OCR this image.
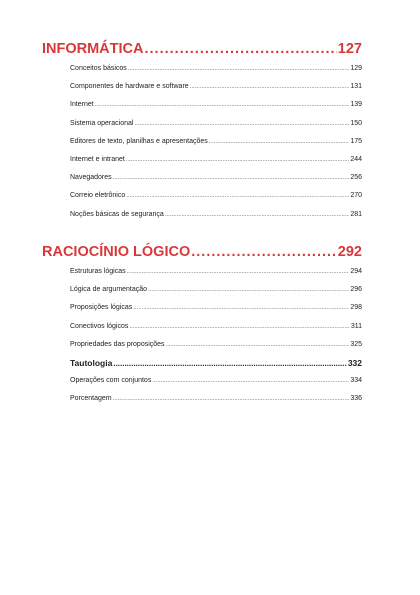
INFORMÁTICA .....	127
Conceitos básicos .....	129
Componentes de hardware e software .....	131
Internet .....	139
Sistema operacional .....	150
Editores de texto, planilhas e apresentações .....	175
Internet e intranet .....	244
Navegadores .....	256
Correio eletrônico .....	270
Noções básicas de segurança .....	281
RACIOCÍNIO LÓGICO .....	292
Estruturas lógicas .....	294
Lógica de argumentação .....	296
Proposições lógicas .....	298
Conectivos lógicos .....	311
Propriedades das proposições .....	325
Tautologia .....	332
Operações com conjuntos .....	334
Porcentagem .....	336
